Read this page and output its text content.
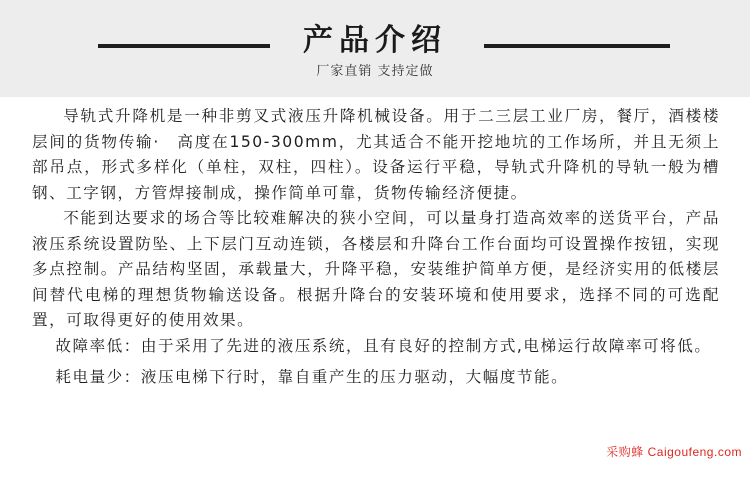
产品介绍
厂家直销 支持定做

导轨式升降机是一种非剪叉式液压升降机械设备。用于二三层工业厂房，餐厅，酒楼楼层间的货物传输·　高度在150-300mm，尤其适合不能开挖地坑的工作场所，并且无须上部吊点，形式多样化（单柱，双柱，四柱）。设备运行平稳，导轨式升降机的导轨一般为槽钢、工字钢，方管焊接制成，操作简单可靠，货物传输经济便捷。

不能到达要求的场合等比较难解决的狭小空间，可以量身打造高效率的送货平台，产品液压系统设置防坠、上下层门互动连锁，各楼层和升降台工作台面均可设置操作按钮，实现多点控制。产品结构坚固，承载量大，升降平稳，安装维护简单方便，是经济实用的低楼层间替代电梯的理想货物输送设备。根据升降台的安装环境和使用要求，选择不同的可选配置，可取得更好的使用效果。

故障率低：由于采用了先进的液压系统，且有良好的控制方式,电梯运行故障率可将低。

耗电量少：液压电梯下行时，靠自重产生的压力驱动，大幅度节能。

采购蜂 Caigoufeng.com
